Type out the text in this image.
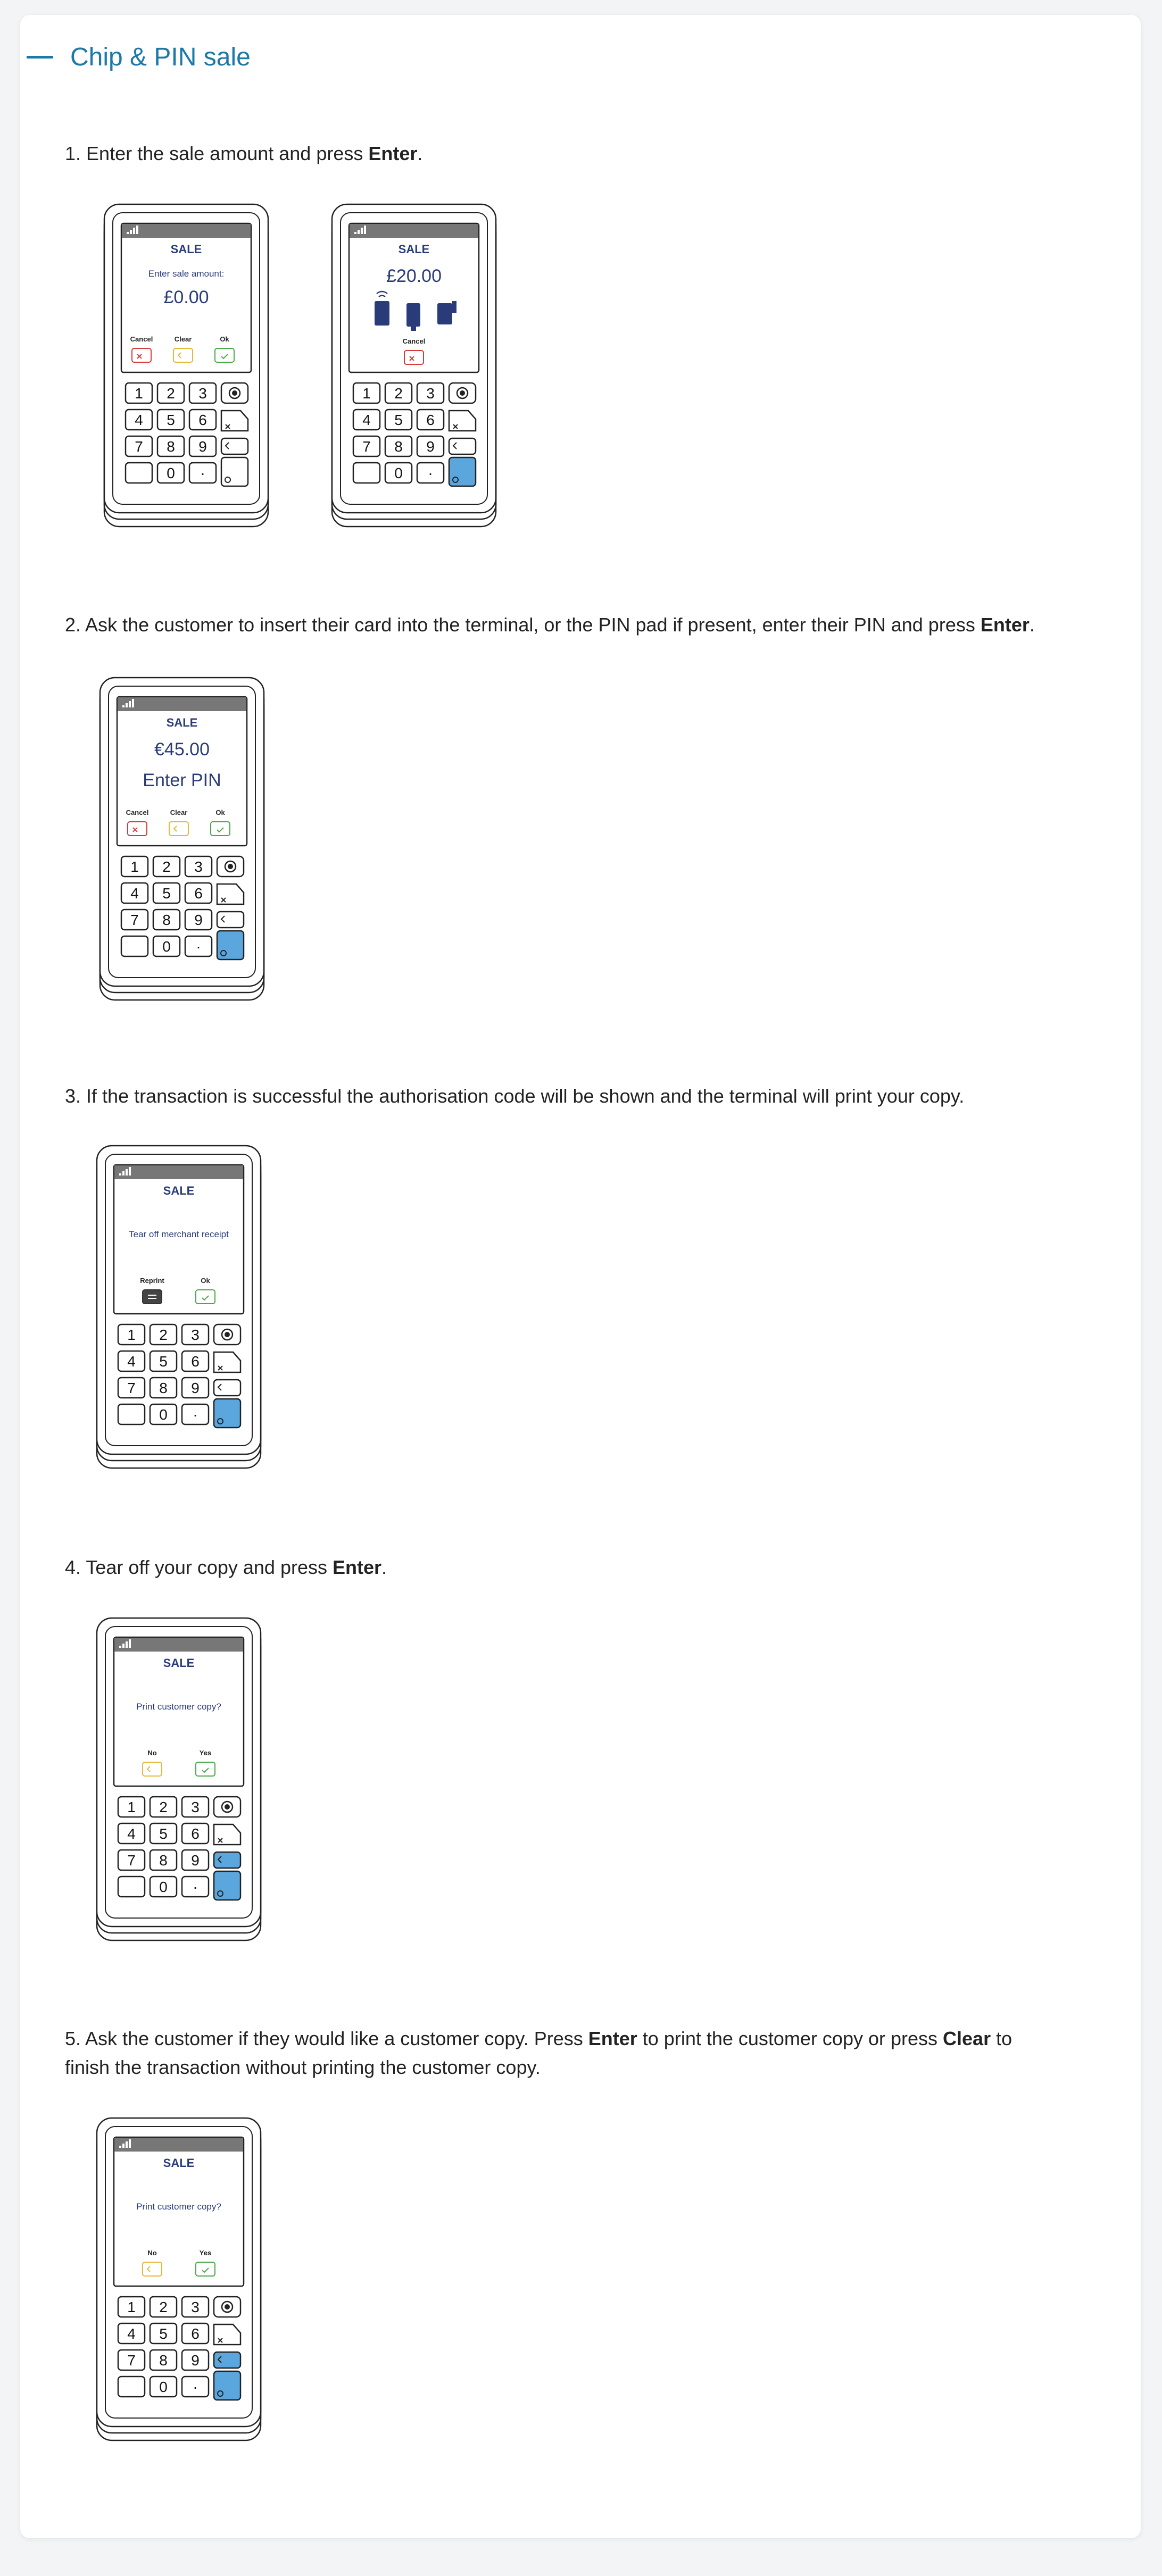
Chip & PIN sale
1. Enter the sale amount and press Enter.
2. Ask the customer to insert their card into the terminal, or the PIN pad if present, enter their PIN and press Enter.
3. If the transaction is successful the authorisation code will be shown and the terminal will print your copy.
4. Tear off your copy and press Enter.
5. Ask the customer if they would like a customer copy. Press Enter to print the customer copy or press Clear to finish the transaction without printing the customer copy.
SALE
Enter sale amount:
£0.00
Cancel	Clear	Ok
1 2 3
4 5 6
7 8 9
0 ·
SALE
£20.00
Cancel
1 2 3
4 5 6
7 8 9
0 ·
SALE
€45.00
Enter PIN
Cancel	Clear	Ok
1 2 3
4 5 6
7 8 9
0 ·
SALE
Tear off merchant receipt
Reprint	Ok
1 2 3
4 5 6
7 8 9
0 ·
SALE
Print customer copy?
No	Yes
1 2 3
4 5 6
7 8 9
0 ·
SALE
Print customer copy?
No	Yes
1 2 3
4 5 6
7 8 9
0 ·
